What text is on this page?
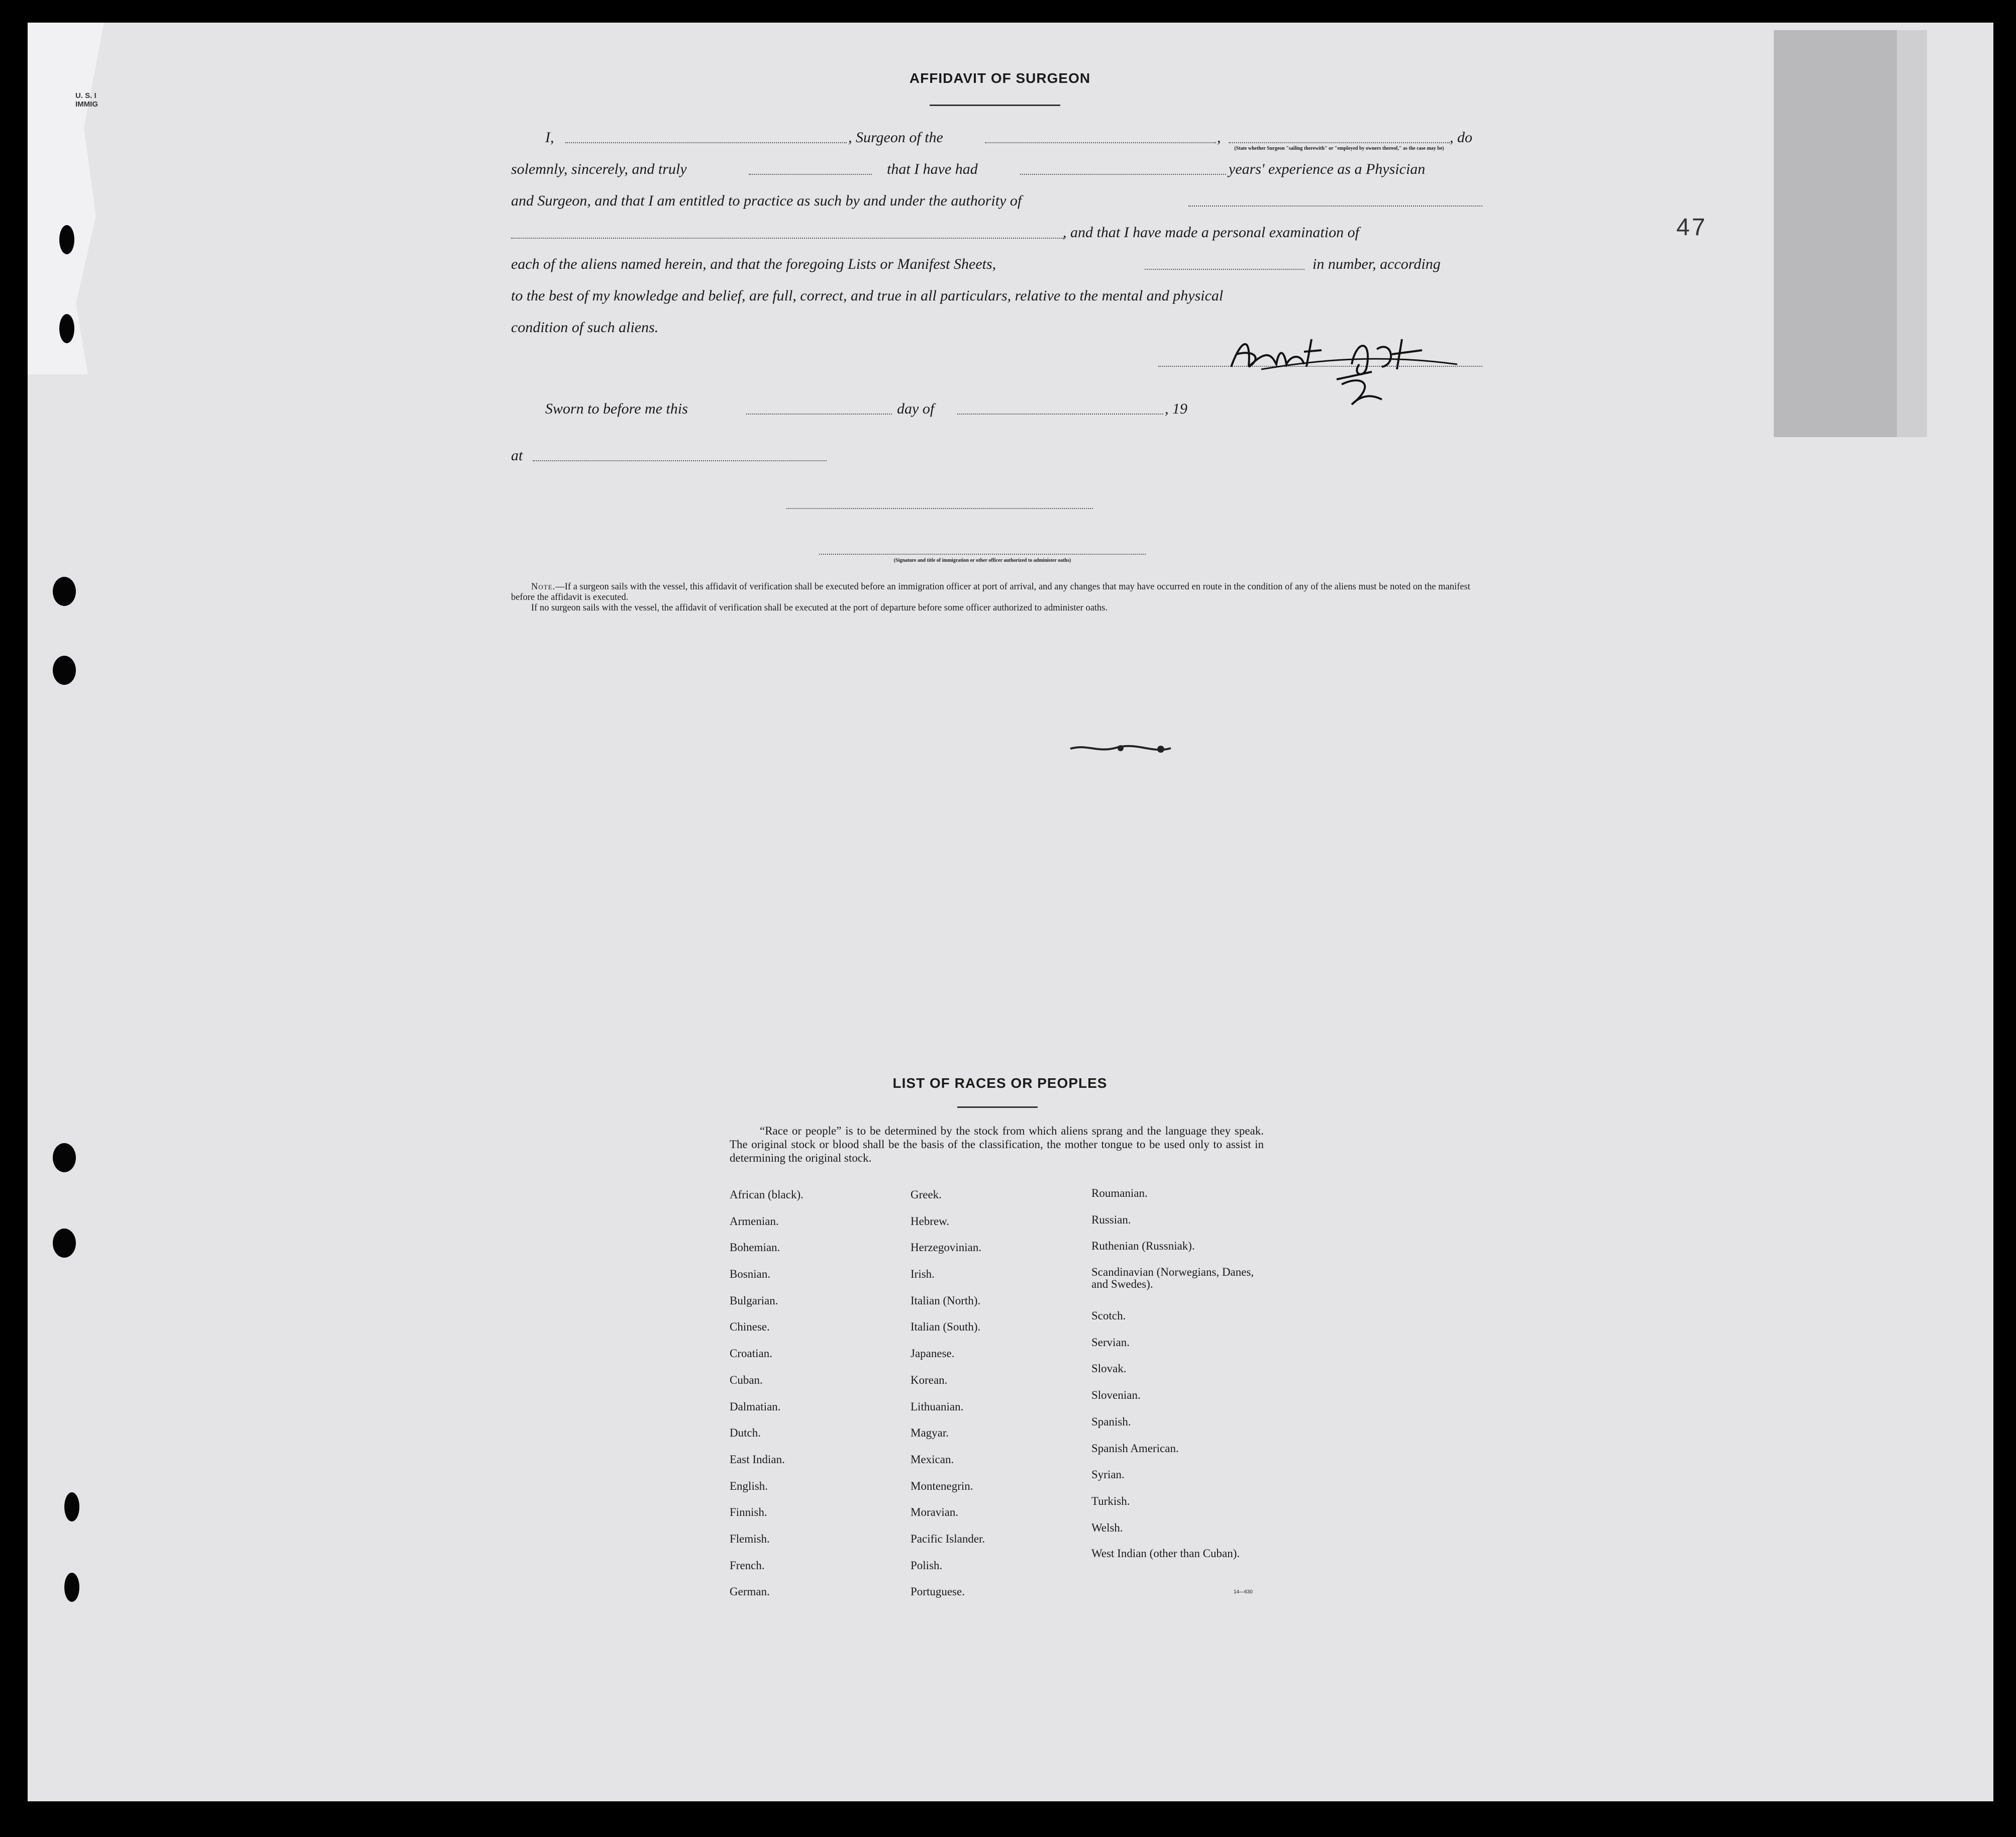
U. S. I
IMMIG
47
AFFIDAVIT OF SURGEON
I,	, Surgeon of the	,	, do
(State whether Surgeon "sailing therewith" or "employed by owners thereof," as the case may be)
solemnly, sincerely, and truly	that I have had	years' experience as a Physician
and Surgeon, and that I am entitled to practice as such by and under the authority of
, and that I have made a personal examination of
each of the aliens named herein, and that the foregoing Lists or Manifest Sheets,	in number, according
to the best of my knowledge and belief, are full, correct, and true in all particulars, relative to the mental and physical
condition of such aliens.
Sworn to before me this	day of	, 19
at
(Signature and title of immigration or other officer authorized to administer oaths)
Note.—If a surgeon sails with the vessel, this affidavit of verification shall be executed before an immigration officer at port of arrival, and any changes that may have occurred en route in the condition of any of the aliens must be noted on the manifest before the affidavit is executed.
If no surgeon sails with the vessel, the affidavit of verification shall be executed at the port of departure before some officer authorized to administer oaths.
LIST OF RACES OR PEOPLES
“Race or people” is to be determined by the stock from which aliens sprang and the language they speak. The original stock or blood shall be the basis of the classification, the mother tongue to be used only to assist in determining the original stock.
African (black).
Armenian.
Bohemian.
Bosnian.
Bulgarian.
Chinese.
Croatian.
Cuban.
Dalmatian.
Dutch.
East Indian.
English.
Finnish.
Flemish.
French.
German.
Greek.
Hebrew.
Herzegovinian.
Irish.
Italian (North).
Italian (South).
Japanese.
Korean.
Lithuanian.
Magyar.
Mexican.
Montenegrin.
Moravian.
Pacific Islander.
Polish.
Portuguese.
Roumanian.
Russian.
Ruthenian (Russniak).
Scandinavian (Norwegians, Danes, and Swedes).
Scotch.
Servian.
Slovak.
Slovenian.
Spanish.
Spanish American.
Syrian.
Turkish.
Welsh.
West Indian (other than Cuban).
14—630
